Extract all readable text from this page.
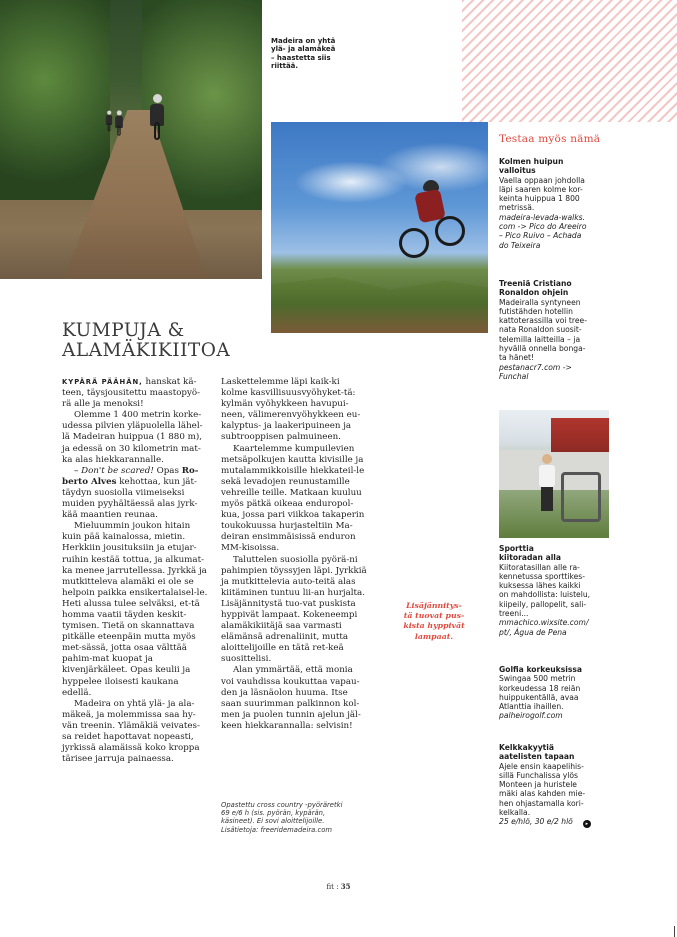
Madeira on yhtä
ylä- ja alamäkeä
– haastetta siis
riittää.
KUMPUJA &
ALAMÄKIKIITOA

KYPÄRÄ PÄÄHÄN, hanskat kä-teen, täysjousitettu maastopyö-rä alle ja menoksi!

Olemme 1 400 metrin korke-udessa pilvien yläpuolella lähel-lä Madeiran huippua (1 880 m), ja edessä on 30 kilometrin mat-ka alas hiekkarannalle.

– Don't be scared! Opas Ro-berto Alves kehottaa, kun jät-täydyn suosiolla viimeiseksi muiden pyyhältäessä alas jyrk-kää maantien reunaa.

Mieluummin joukon hitain kuin pää kainalossa, mietin. Herkkiin jousituksiin ja etujar-ruihin kestää tottua, ja alkumat-ka menee jarrutellessa. Jyrkkä ja mutkitteleva alamäki ei ole se helpoin paikka ensikertalaisel-le. Heti alussa tulee selväksi, et-tä homma vaatii täyden keskit-tymisen. Tietä on skannattava pitkälle eteenpäin mutta myös met-sässä, jotta osaa välttää pahim-mat kuopat ja kivenjärkäleet. Opas keulii ja hyppelee iloisesti kaukana edellä.

Madeira on yhtä ylä- ja ala-mäkeä, ja molemmissa saa hy-vän treenin. Ylämäkiä veivates-sa reidet hapottavat nopeasti, jyrkissä alamäissä koko kroppa tärisee jarruja painaessa.

Laskettelemme läpi kaik-ki kolme kasvillisuusvyöhyket-tä: kylmän vyöhykkeen havupui-neen, välimerenvyöhykkeen eu-kalyptus- ja laakeripuineen ja subtrooppisen palmuineen.

Kaartelemme kumpuilevien metsäpolkujen kautta kivisille ja mutalammikkoisille hiekkateil-le sekä levadojen reunustamille vehreille teille. Matkaan kuuluu myös pätkä oikeaa enduropol-kua, jossa pari viikkoa takaperin toukokuussa hurjasteltiin Ma-deiran ensimmäisissä enduron MM-kisoissa.

Taluttelen suosiolla pyörä-ni pahimpien töyssyjen läpi. Jyrkkiä ja mutkittelevia auto-teitä alas kiitäminen tuntuu lii-an hurjalta. Lisäjännitystä tuo-vat puskista hyppivät lampaat. Kokeneempi alamäkikiitäjä saa varmasti elämänsä adrenaliinit, mutta aloittelijoille en tätä ret-keä suosittelisi.

Alan ymmärtää, että monia voi vauhdissa koukuttaa vapau-den ja läsnäolon huuma. Itse saan suurimman palkinnon kol-men ja puolen tunnin ajelun jäl-keen hiekkarannalla: selvisin!

Opastettu cross country -pyöräretki
69 e/6 h (sis. pyörän, kypärän,
käsineet). Ei sovi aloittelijoille.
Lisätietoja: freeridemadeira.com
Lisäjännitys-
tä tuovat pus-
kista hyppivät
lampaat.
Testaa myös nämä
Kolmen huipun
valloitus
Vaella oppaan johdolla
läpi saaren kolme kor-
keinta huippua 1 800
metrissä.
madeira-levada-walks.
com -> Pico do Areeiro
– Pico Ruivo – Achada
do Teixeira
Treeniä Cristiano
Ronaldon ohjein
Madeiralla syntyneen
futistähden hotellin
kattoterassilla voi tree-
nata Ronaldon suosit-
telemilla laitteilla – ja
hyvällä onnella bonga-
ta hänet!
pestanacr7.com ->
Funchal
Sporttia
kiitoradan alla
Kiitoratasillan alle ra-
kennetussa sporttikes-
kuksessa lähes kaikki
on mahdollista: luistelu,
kiipeily, pallopelit, sali-
treeni...
mmachico.wixsite.com/
pt/, Água de Pena
Golfia korkeuksissa
Swingaa 500 metrin
korkeudessa 18 reiän
huippukentällä, avaa
Atlanttia ihaillen.
palheirogolf.com
Kelkkakyytiä
aatelisten tapaan
Ajele ensin kaapelihis-
sillä Funchalissa ylös
Monteen ja huristele
mäki alas kahden mie-
hen ohjastamalla kori-
kelkalla.
25 e/hlö, 30 e/2 hlö	▸
fit : 35
